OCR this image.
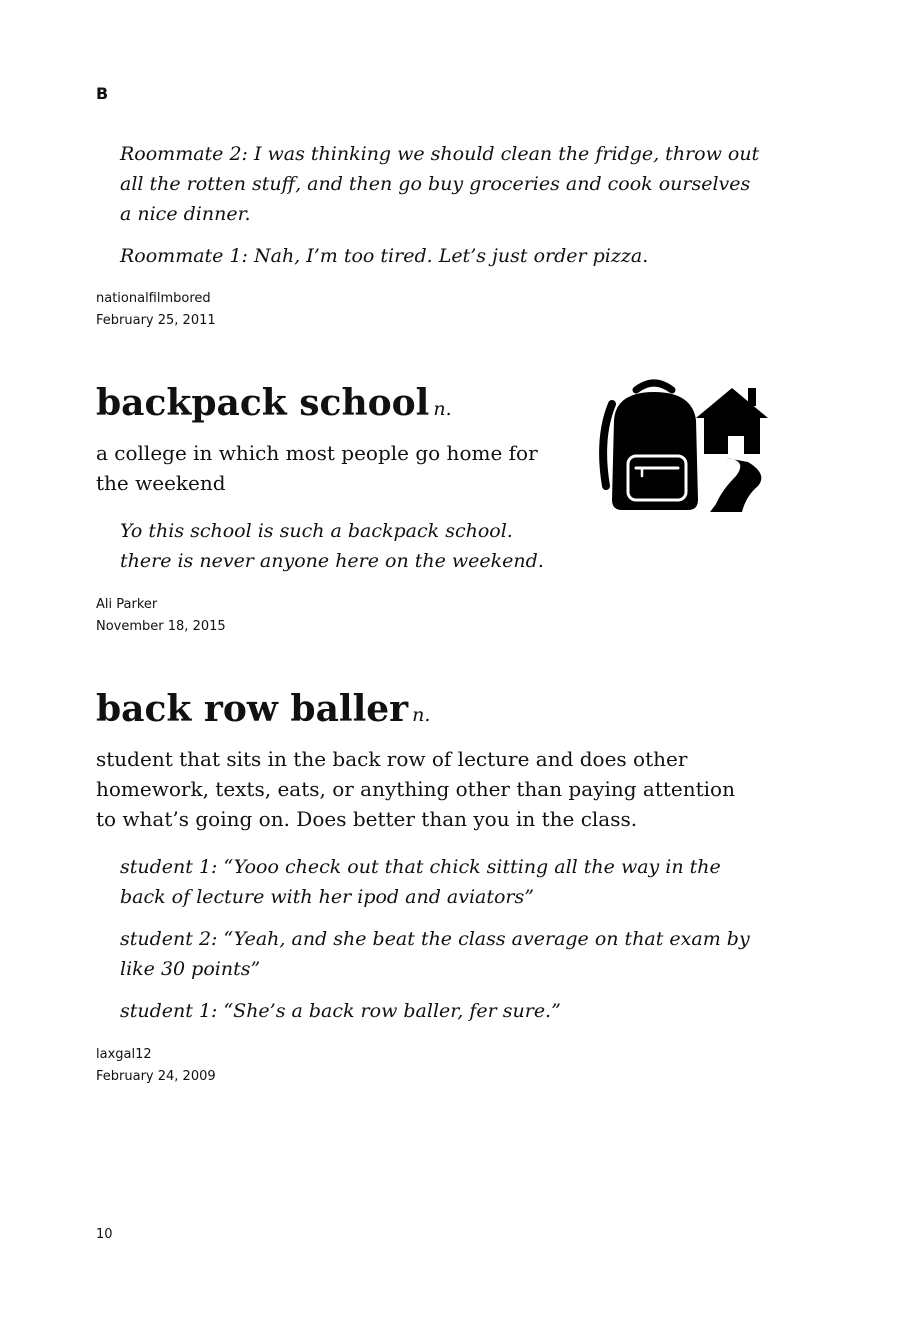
B

Roommate 2: I was thinking we should clean the fridge, throw out all the rotten stuff, and then go buy groceries and cook ourselves a nice dinner.

Roommate 1: Nah, I’m too tired. Let’s just order pizza.

nationalfilmbored
February 25, 2011
backpack school n.

a college in which most people go home for the weekend

Yo this school is such a backpack school. there is never anyone here on the weekend.

Ali Parker
November 18, 2015
back row baller n.

student that sits in the back row of lecture and does other homework, texts, eats, or anything other than paying attention to what’s going on. Does better than you in the class.

student 1: “Yooo check out that chick sitting all the way in the back of lecture with her ipod and aviators”

student 2: “Yeah, and she beat the class average on that exam by like 30 points”

student 1: “She’s a back row baller, fer sure.”

laxgal12
February 24, 2009

10
